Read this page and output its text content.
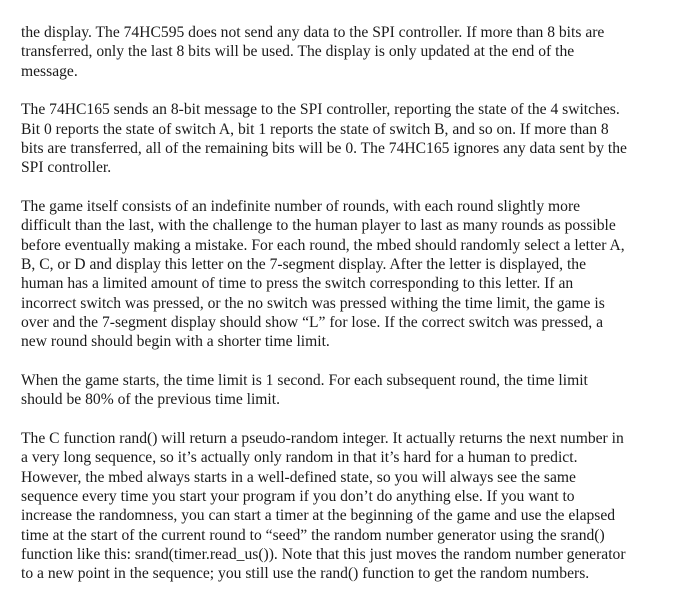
the display. The 74HC595 does not send any data to the SPI controller. If more than 8 bits are
transferred, only the last 8 bits will be used. The display is only updated at the end of the
message.

The 74HC165 sends an 8-bit message to the SPI controller, reporting the state of the 4 switches.
Bit 0 reports the state of switch A, bit 1 reports the state of switch B, and so on. If more than 8
bits are transferred, all of the remaining bits will be 0. The 74HC165 ignores any data sent by the
SPI controller.

The game itself consists of an indefinite number of rounds, with each round slightly more
difficult than the last, with the challenge to the human player to last as many rounds as possible
before eventually making a mistake. For each round, the mbed should randomly select a letter A,
B, C, or D and display this letter on the 7-segment display. After the letter is displayed, the
human has a limited amount of time to press the switch corresponding to this letter. If an
incorrect switch was pressed, or the no switch was pressed withing the time limit, the game is
over and the 7-segment display should show “L” for lose. If the correct switch was pressed, a
new round should begin with a shorter time limit.

When the game starts, the time limit is 1 second. For each subsequent round, the time limit
should be 80% of the previous time limit.

The C function rand() will return a pseudo-random integer. It actually returns the next number in
a very long sequence, so it’s actually only random in that it’s hard for a human to predict.
However, the mbed always starts in a well-defined state, so you will always see the same
sequence every time you start your program if you don’t do anything else. If you want to
increase the randomness, you can start a timer at the beginning of the game and use the elapsed
time at the start of the current round to “seed” the random number generator using the srand()
function like this: srand(timer.read_us()). Note that this just moves the random number generator
to a new point in the sequence; you still use the rand() function to get the random numbers.
